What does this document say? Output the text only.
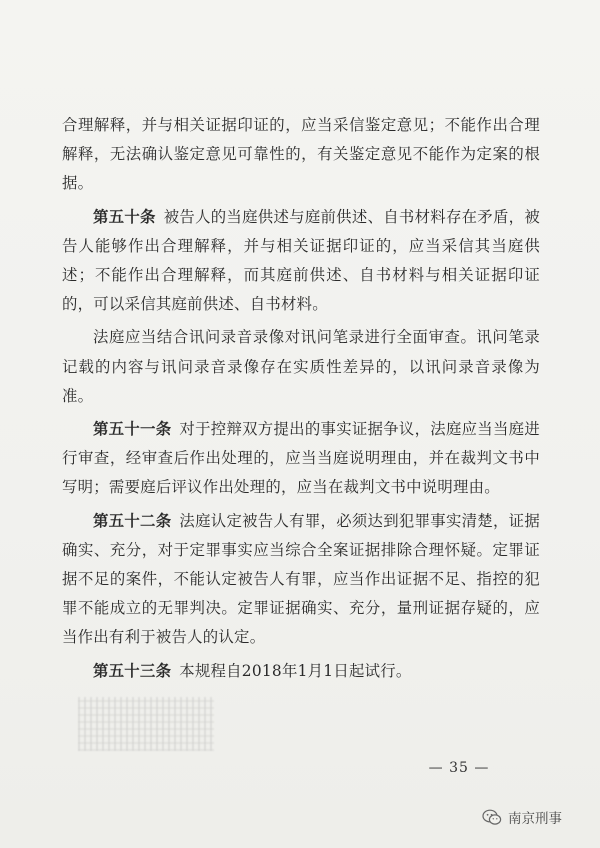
合理解释，并与相关证据印证的，应当采信鉴定意见；不能作出合理解释，无法确认鉴定意见可靠性的，有关鉴定意见不能作为定案的根据。

第五十条 被告人的当庭供述与庭前供述、自书材料存在矛盾，被告人能够作出合理解释，并与相关证据印证的，应当采信其当庭供述；不能作出合理解释，而其庭前供述、自书材料与相关证据印证的，可以采信其庭前供述、自书材料。

法庭应当结合讯问录音录像对讯问笔录进行全面审查。讯问笔录记载的内容与讯问录音录像存在实质性差异的，以讯问录音录像为准。

第五十一条 对于控辩双方提出的事实证据争议，法庭应当当庭进行审查，经审查后作出处理的，应当当庭说明理由，并在裁判文书中写明；需要庭后评议作出处理的，应当在裁判文书中说明理由。

第五十二条 法庭认定被告人有罪，必须达到犯罪事实清楚，证据确实、充分，对于定罪事实应当综合全案证据排除合理怀疑。定罪证据不足的案件，不能认定被告人有罪，应当作出证据不足、指控的犯罪不能成立的无罪判决。定罪证据确实、充分，量刑证据存疑的，应当作出有利于被告人的认定。

第五十三条 本规程自2018年1月1日起试行。

— 35 —
南京刑事
